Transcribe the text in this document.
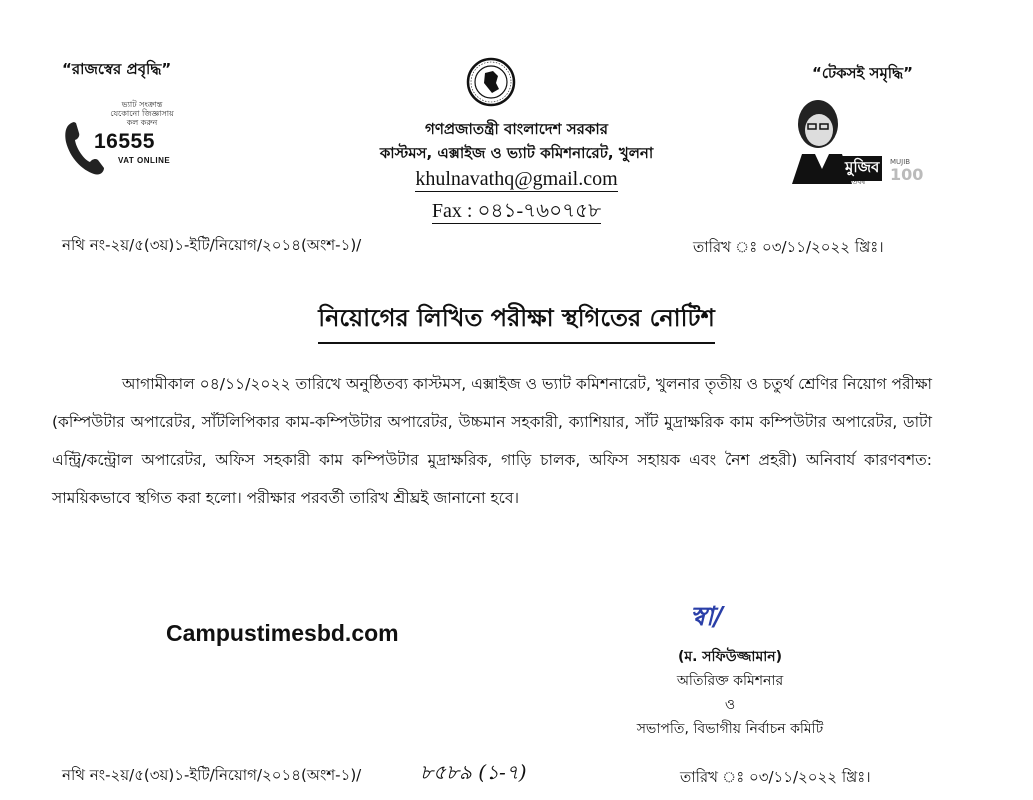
“রাজস্বের প্রবৃদ্ধি”	“টেকসই সমৃদ্ধি”
ভ্যাট সংক্রান্ত
যেকোনো জিজ্ঞাসায়
কল করুন
16555
VAT ONLINE	মুজিব
শতবর্ষ
MUJIB
100
গণপ্রজাতন্ত্রী বাংলাদেশ সরকার
কাস্টমস, এক্সাইজ ও ভ্যাট কমিশনারেট, খুলনা
khulnavathq@gmail.com
Fax : ০৪১-৭৬০৭৫৮
নথি নং-২য়/৫(৩য়)১-ইটি/নিয়োগ/২০১৪(অংশ-১)/	তারিখ ঃ ০৩/১১/২০২২ খ্রিঃ।
নিয়োগের লিখিত পরীক্ষা স্থগিতের নোটিশ
আগামীকাল ০৪/১১/২০২২ তারিখে অনুষ্ঠিতব্য কাস্টমস, এক্সাইজ ও ভ্যাট কমিশনারেট, খুলনার তৃতীয় ও চতুর্থ শ্রেণির নিয়োগ পরীক্ষা (কম্পিউটার অপারেটর, সাঁটলিপিকার কাম-কম্পিউটার অপারেটর, উচ্চমান সহকারী, ক্যাশিয়ার, সাঁট মুদ্রাক্ষরিক কাম কম্পিউটার অপারেটর, ডাটা এন্ট্রি/কন্ট্রোল অপারেটর, অফিস সহকারী কাম কম্পিউটার মুদ্রাক্ষরিক, গাড়ি চালক, অফিস সহায়ক এবং নৈশ প্রহরী) অনিবার্য কারণবশত: সাময়িকভাবে স্থগিত করা হলো। পরীক্ষার পরবর্তী তারিখ শ্রীঘ্রই জানানো হবে।
Campustimesbd.com
স্বা/
(ম. সফিউজ্জামান)
অতিরিক্ত কমিশনার
ও
সভাপতি, বিভাগীয় নির্বাচন কমিটি
নথি নং-২য়/৫(৩য়)১-ইটি/নিয়োগ/২০১৪(অংশ-১)/	৮৫৮৯ (১-৭)	তারিখ ঃ ০৩/১১/২০২২ খ্রিঃ।
